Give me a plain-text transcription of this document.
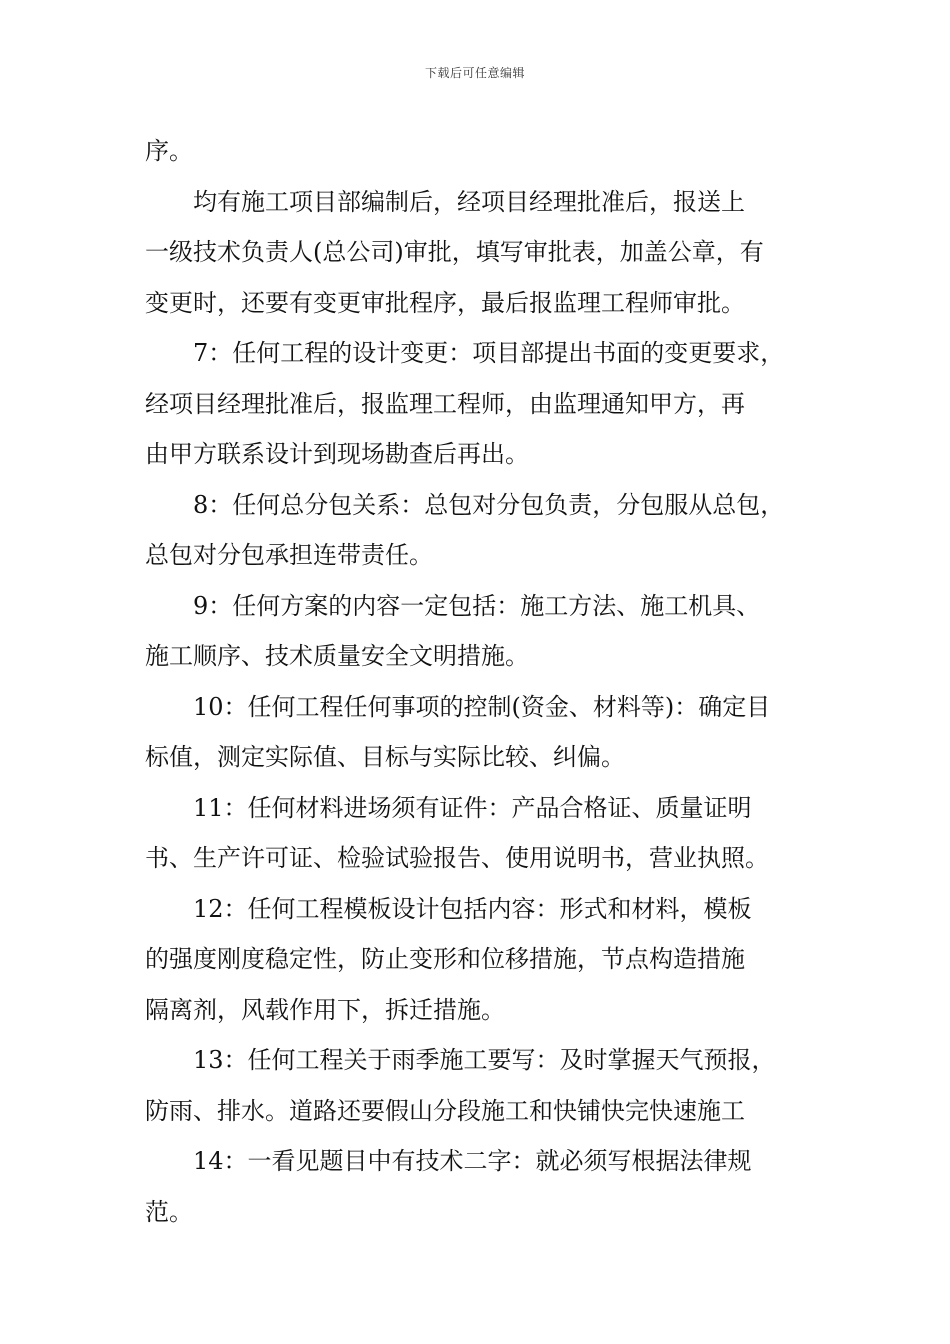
下载后可任意编辑
序。
均有施工项目部编制后，经项目经理批准后，报送上
一级技术负责人(总公司)审批，填写审批表，加盖公章，有
变更时，还要有变更审批程序，最后报监理工程师审批。
7：任何工程的设计变更：项目部提出书面的变更要求，
经项目经理批准后，报监理工程师，由监理通知甲方，再
由甲方联系设计到现场勘查后再出。
8：任何总分包关系：总包对分包负责，分包服从总包，
总包对分包承担连带责任。
9：任何方案的内容一定包括：施工方法、施工机具、
施工顺序、技术质量安全文明措施。
10：任何工程任何事项的控制(资金、材料等)：确定目
标值，测定实际值、目标与实际比较、纠偏。
11：任何材料进场须有证件：产品合格证、质量证明
书、生产许可证、检验试验报告、使用说明书，营业执照。
12：任何工程模板设计包括内容：形式和材料，模板
的强度刚度稳定性，防止变形和位移措施，节点构造措施
隔离剂，风载作用下，拆迁措施。
13：任何工程关于雨季施工要写：及时掌握天气预报，
防雨、排水。道路还要假山分段施工和快铺快完快速施工
14：一看见题目中有技术二字：就必须写根据法律规
范。
